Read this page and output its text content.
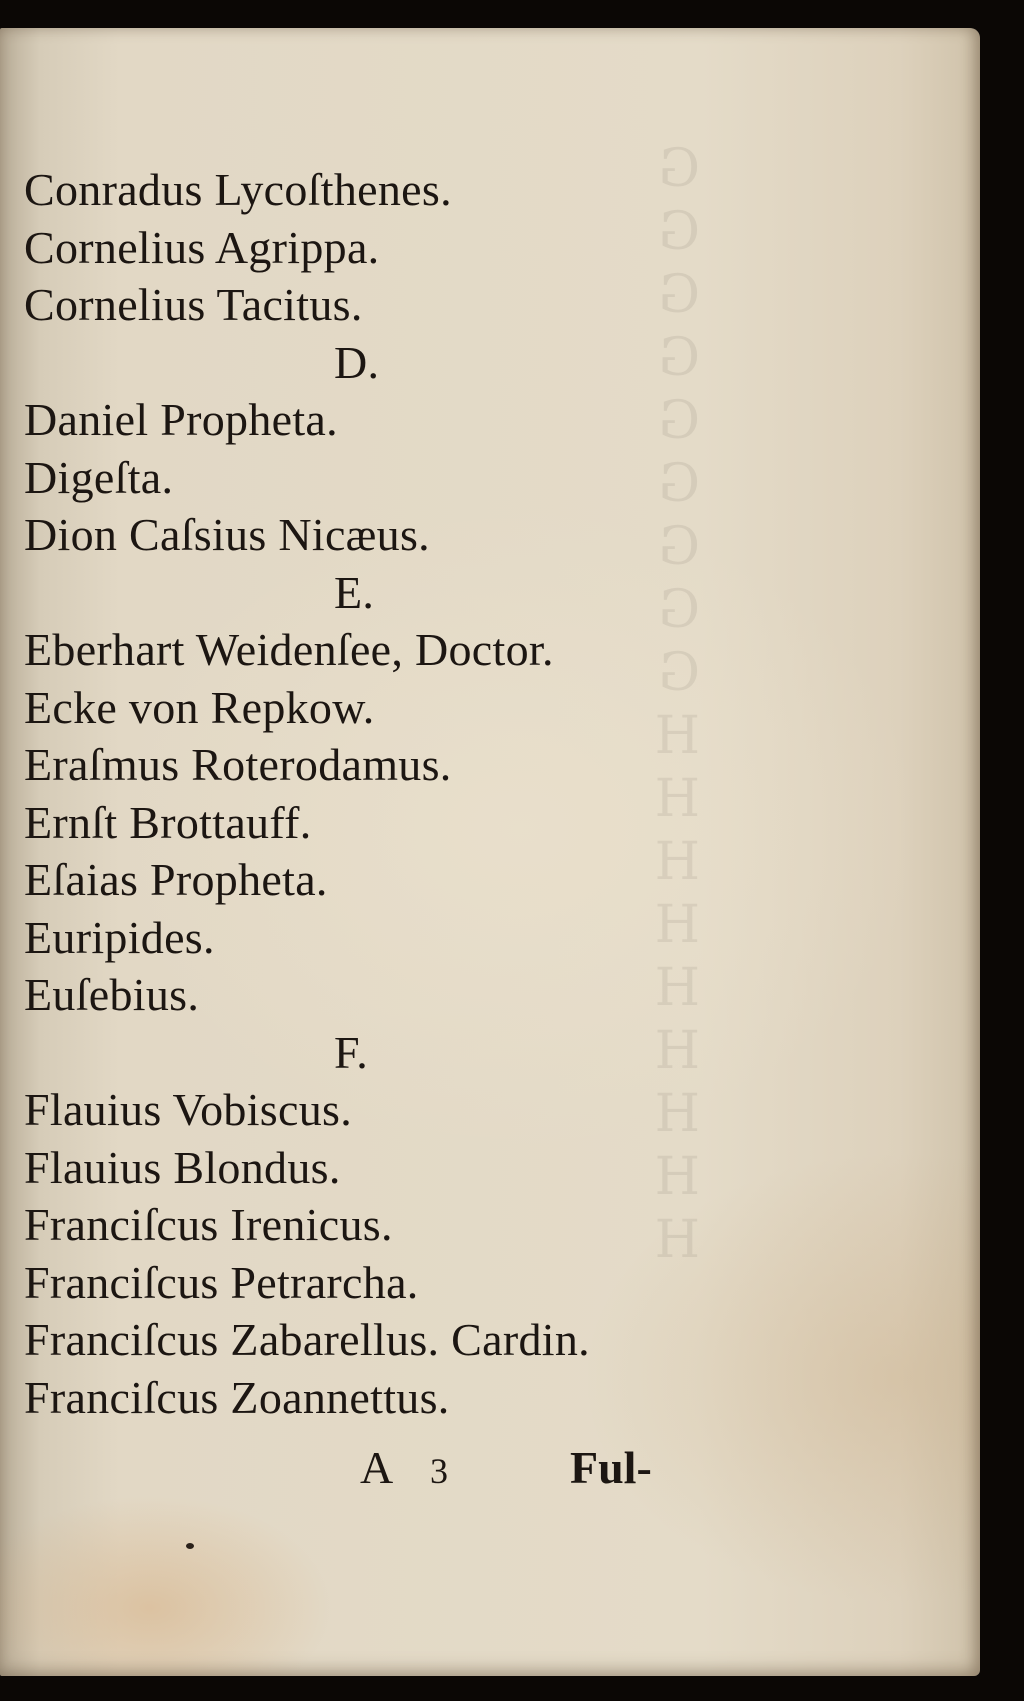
G
G
G
G
G
G
G
G
G
H
H
H
H
H
H
H
H
H
Conradus Lycoſthenes.
Cornelius Agrippa.
Cornelius Tacitus.
D.
Daniel Propheta.
Digeſta.
Dion Caſsius Nicæus.
E.
Eberhart Weidenſee, Doctor.
Ecke von Repkow.
Eraſmus Roterodamus.
Ernſt Brottauff.
Eſaias Propheta.
Euripides.
Euſebius.
F.
Flauius Vobiscus.
Flauius Blondus.
Franciſcus Irenicus.
Franciſcus Petrarcha.
Franciſcus Zabarellus. Cardin.
Franciſcus Zoannettus.
A 3	Ful-
